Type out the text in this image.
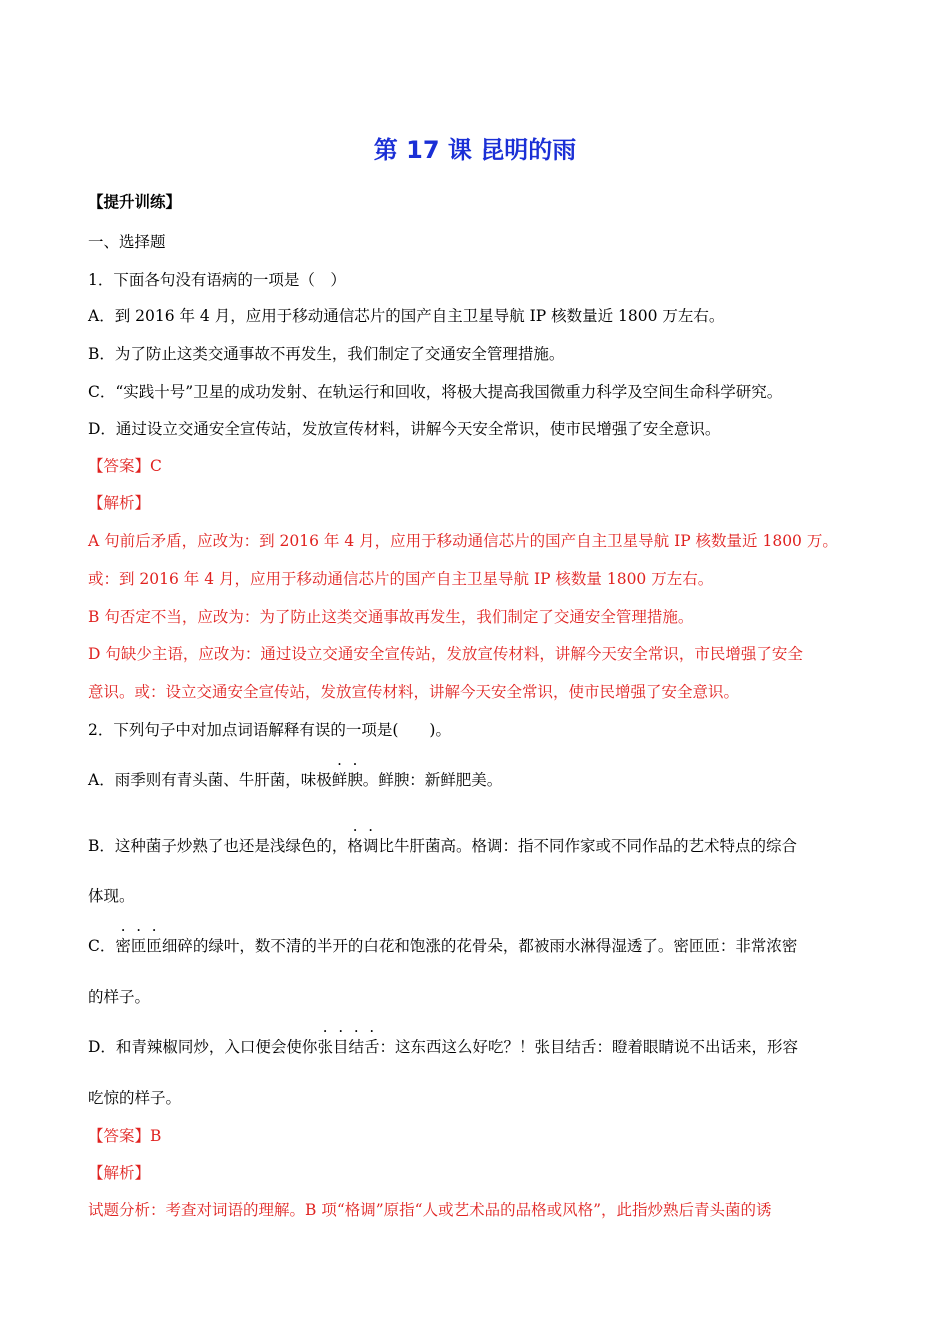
第 17 课 昆明的雨
【提升训练】
一、选择题
1．下面各句没有语病的一项是（　）
A．到 2016 年 4 月，应用于移动通信芯片的国产自主卫星导航 IP 核数量近 1800 万左右。
B．为了防止这类交通事故不再发生，我们制定了交通安全管理措施。
C．“实践十号”卫星的成功发射、在轨运行和回收，将极大提高我国微重力科学及空间生命科学研究。
D．通过设立交通安全宣传站，发放宣传材料，讲解今天安全常识，使市民增强了安全意识。
【答案】C
【解析】
A 句前后矛盾，应改为：到 2016 年 4 月，应用于移动通信芯片的国产自主卫星导航 IP 核数量近 1800 万。
或：到 2016 年 4 月，应用于移动通信芯片的国产自主卫星导航 IP 核数量 1800 万左右。
B 句否定不当，应改为：为了防止这类交通事故再发生，我们制定了交通安全管理措施。
D 句缺少主语，应改为：通过设立交通安全宣传站，发放宣传材料，讲解今天安全常识，市民增强了安全
意识。或：设立交通安全宣传站，发放宣传材料，讲解今天安全常识，使市民增强了安全意识。
2．下列句子中对加点词语解释有误的一项是(　　)。
A．雨季则有青头菌、牛肝菌，味极鲜腴。鲜腴：新鲜肥美。
B．这种菌子炒熟了也还是浅绿色的，格调比牛肝菌高。格调：指不同作家或不同作品的艺术特点的综合
体现。
C．密匝匝细碎的绿叶，数不清的半开的白花和饱涨的花骨朵，都被雨水淋得湿透了。密匝匝：非常浓密
的样子。
D．和青辣椒同炒，入口便会使你张目结舌：这东西这么好吃？！张目结舌：瞪着眼睛说不出话来，形容
吃惊的样子。
【答案】B
【解析】
试题分析：考查对词语的理解。B 项“格调”原指“人或艺术品的品格或风格”，此指炒熟后青头菌的诱
